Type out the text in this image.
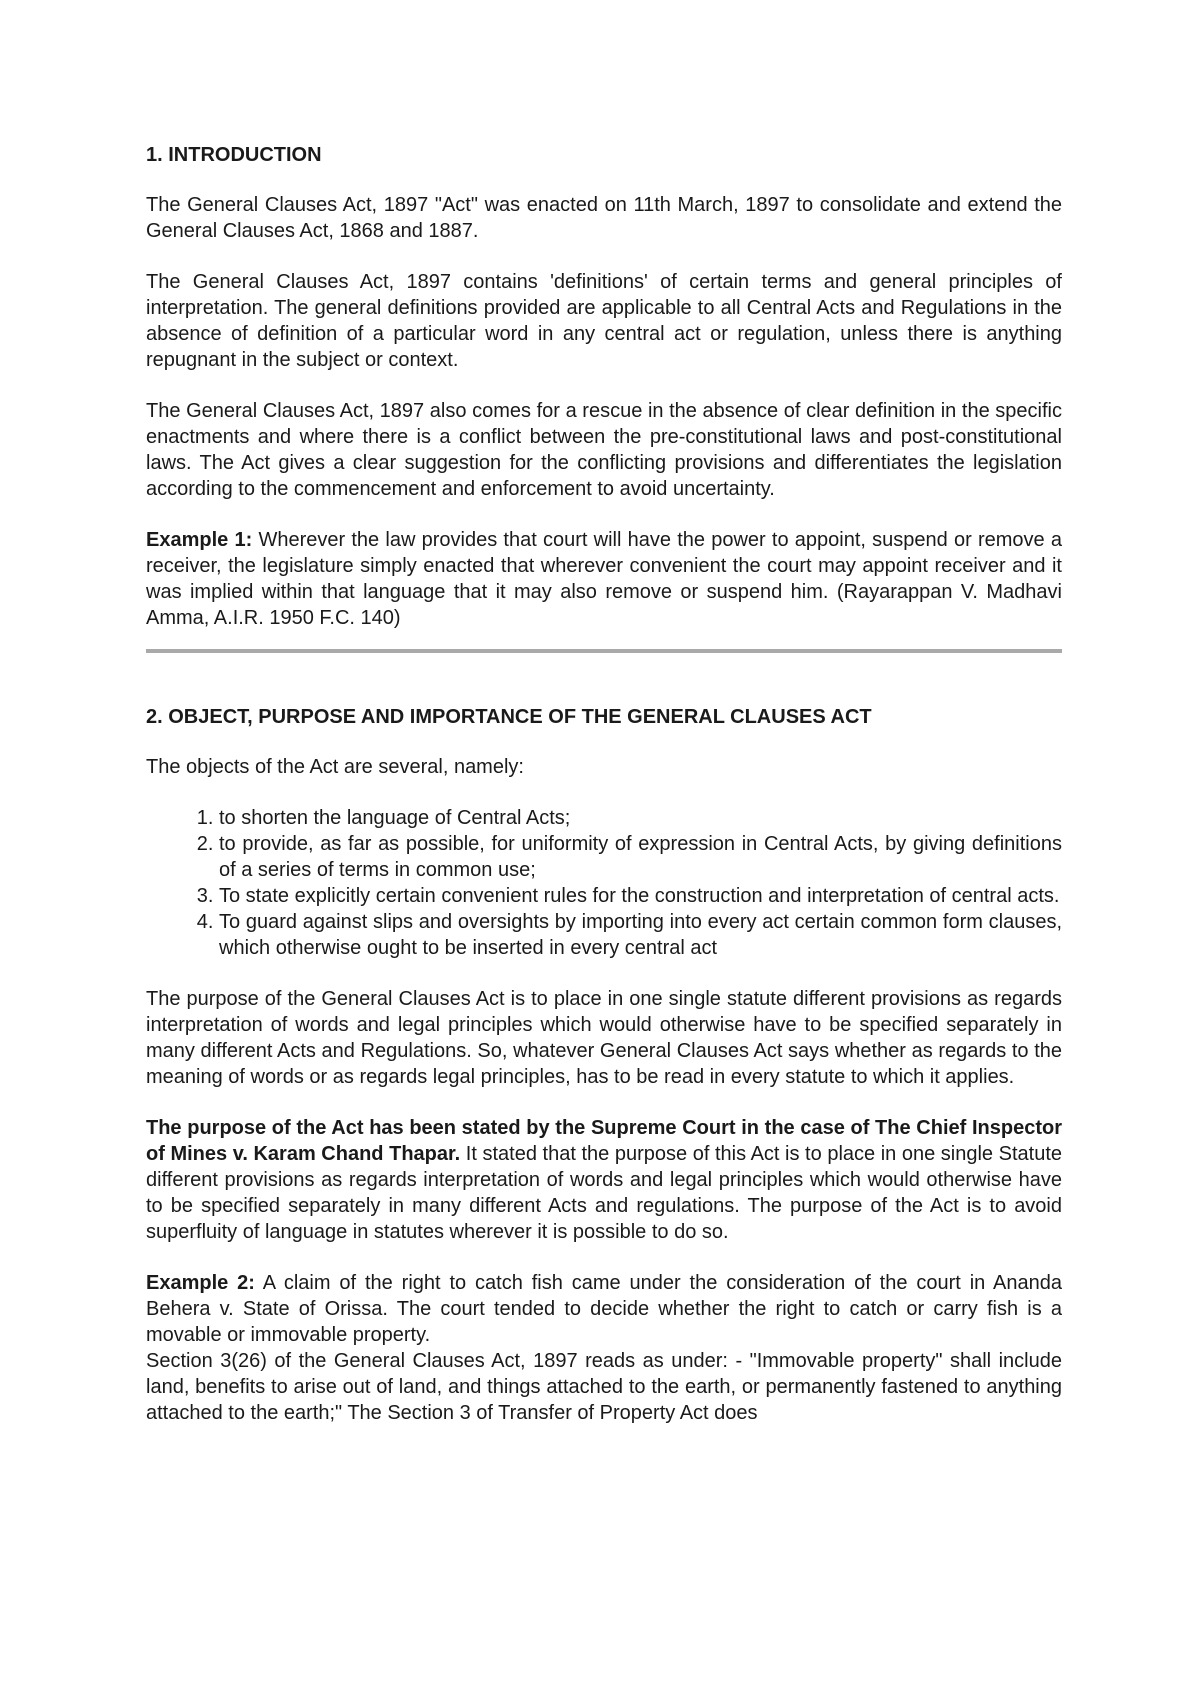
1. INTRODUCTION

The General Clauses Act, 1897 "Act" was enacted on 11th March, 1897 to consolidate and extend the General Clauses Act, 1868 and 1887.

The General Clauses Act, 1897 contains 'definitions' of certain terms and general principles of interpretation. The general definitions provided are applicable to all Central Acts and Regulations in the absence of definition of a particular word in any central act or regulation, unless there is anything repugnant in the subject or context.

The General Clauses Act, 1897 also comes for a rescue in the absence of clear definition in the specific enactments and where there is a conflict between the pre-constitutional laws and post-constitutional laws. The Act gives a clear suggestion for the conflicting provisions and differentiates the legislation according to the commencement and enforcement to avoid uncertainty.

Example 1: Wherever the law provides that court will have the power to appoint, suspend or remove a receiver, the legislature simply enacted that wherever convenient the court may appoint receiver and it was implied within that language that it may also remove or suspend him. (Rayarappan V. Madhavi Amma, A.I.R. 1950 F.C. 140)

2. OBJECT, PURPOSE AND IMPORTANCE OF THE GENERAL CLAUSES ACT

The objects of the Act are several, namely:

1. to shorten the language of Central Acts;
2. to provide, as far as possible, for uniformity of expression in Central Acts, by giving definitions of a series of terms in common use;
3. To state explicitly certain convenient rules for the construction and interpretation of central acts.
4. To guard against slips and oversights by importing into every act certain common form clauses, which otherwise ought to be inserted in every central act

The purpose of the General Clauses Act is to place in one single statute different provisions as regards interpretation of words and legal principles which would otherwise have to be specified separately in many different Acts and Regulations. So, whatever General Clauses Act says whether as regards to the meaning of words or as regards legal principles, has to be read in every statute to which it applies.

The purpose of the Act has been stated by the Supreme Court in the case of The Chief Inspector of Mines v. Karam Chand Thapar. It stated that the purpose of this Act is to place in one single Statute different provisions as regards interpretation of words and legal principles which would otherwise have to be specified separately in many different Acts and regulations. The purpose of the Act is to avoid superfluity of language in statutes wherever it is possible to do so.

Example 2: A claim of the right to catch fish came under the consideration of the court in Ananda Behera v. State of Orissa. The court tended to decide whether the right to catch or carry fish is a movable or immovable property.

Section 3(26) of the General Clauses Act, 1897 reads as under: - "Immovable property" shall include land, benefits to arise out of land, and things attached to the earth, or permanently fastened to anything attached to the earth;" The Section 3 of Transfer of Property Act does
